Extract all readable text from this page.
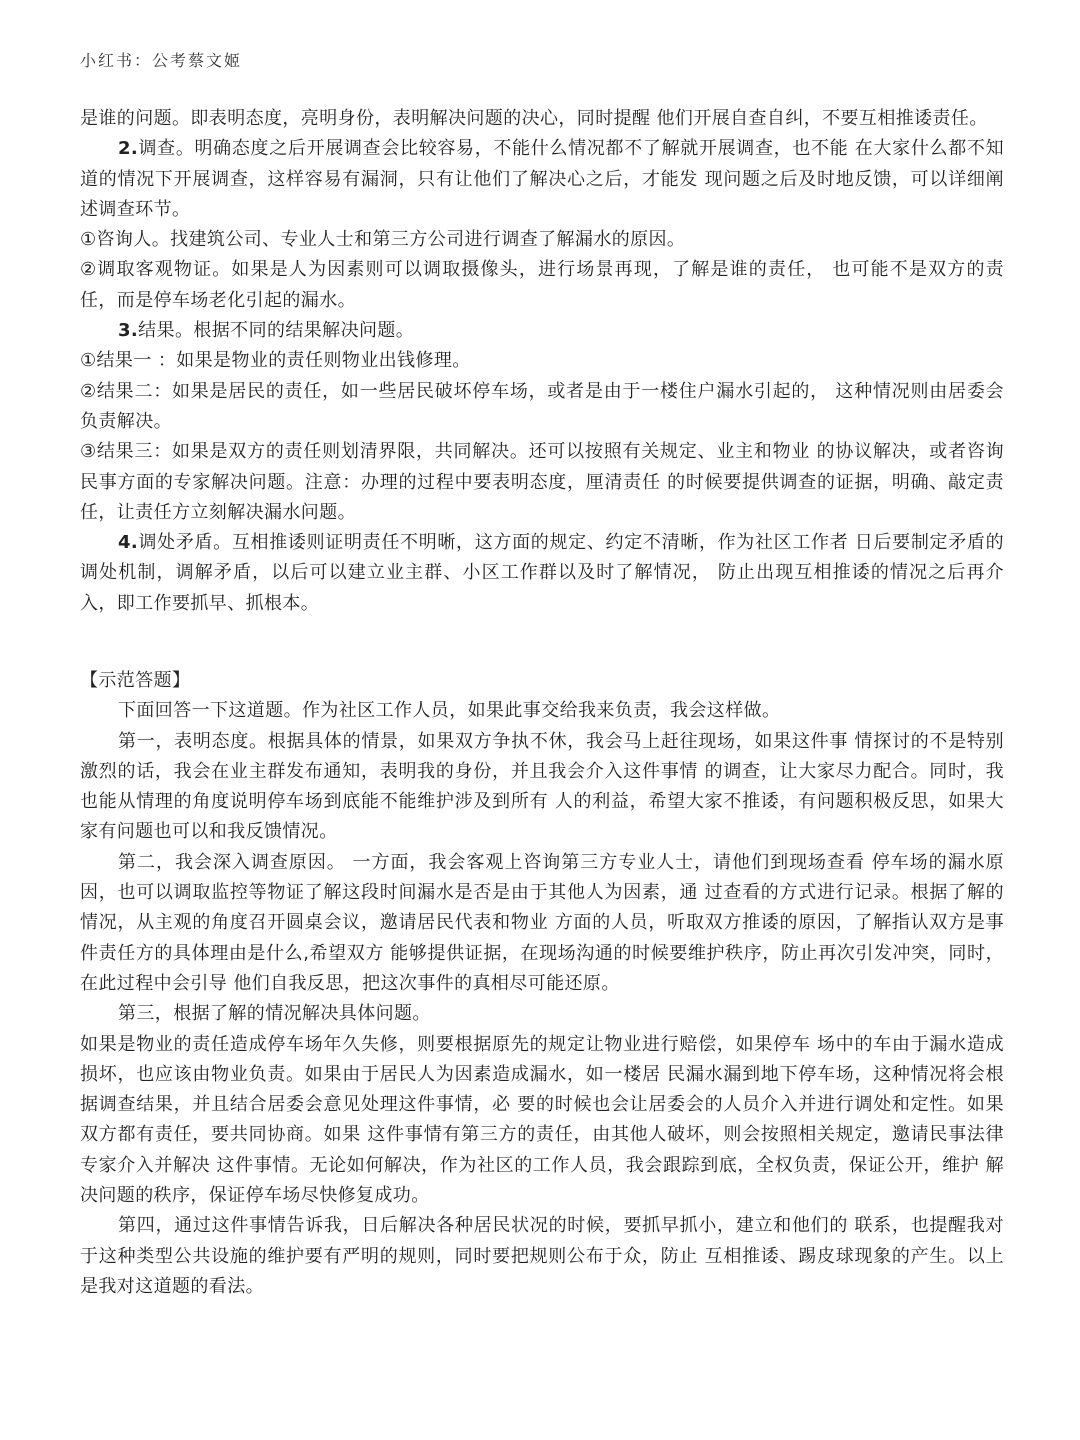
小红书：公考蔡文姬

是谁的问题。即表明态度，亮明身份，表明解决问题的决心，同时提醒 他们开展自查自纠，不要互相推诿责任。

2.调查。明确态度之后开展调查会比较容易，不能什么情况都不了解就开展调查，也不能 在大家什么都不知道的情况下开展调查，这样容易有漏洞，只有让他们了解决心之后，才能发 现问题之后及时地反馈，可以详细阐述调查环节。

①咨询人。找建筑公司、专业人士和第三方公司进行调查了解漏水的原因。

②调取客观物证。如果是人为因素则可以调取摄像头，进行场景再现，了解是谁的责任， 也可能不是双方的责任，而是停车场老化引起的漏水。

3.结果。根据不同的结果解决问题。

①结果一 ：如果是物业的责任则物业出钱修理。

②结果二：如果是居民的责任，如一些居民破坏停车场，或者是由于一楼住户漏水引起的， 这种情况则由居委会负责解决。

③结果三：如果是双方的责任则划清界限，共同解决。还可以按照有关规定、业主和物业 的协议解决，或者咨询民事方面的专家解决问题。注意：办理的过程中要表明态度，厘清责任 的时候要提供调查的证据，明确、敲定责任，让责任方立刻解决漏水问题。

4.调处矛盾。互相推诿则证明责任不明晰，这方面的规定、约定不清晰，作为社区工作者 日后要制定矛盾的调处机制，调解矛盾，以后可以建立业主群、小区工作群以及时了解情况， 防止出现互相推诿的情况之后再介入，即工作要抓早、抓根本。

【示范答题】

下面回答一下这道题。作为社区工作人员，如果此事交给我来负责，我会这样做。

第一，表明态度。根据具体的情景，如果双方争执不休，我会马上赶往现场，如果这件事 情探讨的不是特别激烈的话，我会在业主群发布通知，表明我的身份，并且我会介入这件事情 的调查，让大家尽力配合。同时，我也能从情理的角度说明停车场到底能不能维护涉及到所有 人的利益，希望大家不推诿，有问题积极反思，如果大家有问题也可以和我反馈情况。

第二，我会深入调查原因。 一方面，我会客观上咨询第三方专业人士，请他们到现场查看 停车场的漏水原因，也可以调取监控等物证了解这段时间漏水是否是由于其他人为因素，通 过查看的方式进行记录。根据了解的情况，从主观的角度召开圆桌会议，邀请居民代表和物业 方面的人员，听取双方推诿的原因，了解指认双方是事件责任方的具体理由是什么,希望双方 能够提供证据，在现场沟通的时候要维护秩序，防止再次引发冲突，同时，在此过程中会引导 他们自我反思，把这次事件的真相尽可能还原。

第三，根据了解的情况解决具体问题。

如果是物业的责任造成停车场年久失修，则要根据原先的规定让物业进行赔偿，如果停车 场中的车由于漏水造成损坏，也应该由物业负责。如果由于居民人为因素造成漏水，如一楼居 民漏水漏到地下停车场，这种情况将会根据调查结果，并且结合居委会意见处理这件事情，必 要的时候也会让居委会的人员介入并进行调处和定性。如果双方都有责任，要共同协商。如果 这件事情有第三方的责任，由其他人破坏，则会按照相关规定，邀请民事法律专家介入并解决 这件事情。无论如何解决，作为社区的工作人员，我会跟踪到底，全权负责，保证公开，维护 解决问题的秩序，保证停车场尽快修复成功。

第四，通过这件事情告诉我，日后解决各种居民状况的时候，要抓早抓小，建立和他们的 联系，也提醒我对于这种类型公共设施的维护要有严明的规则，同时要把规则公布于众，防止 互相推诿、踢皮球现象的产生。以上是我对这道题的看法。
